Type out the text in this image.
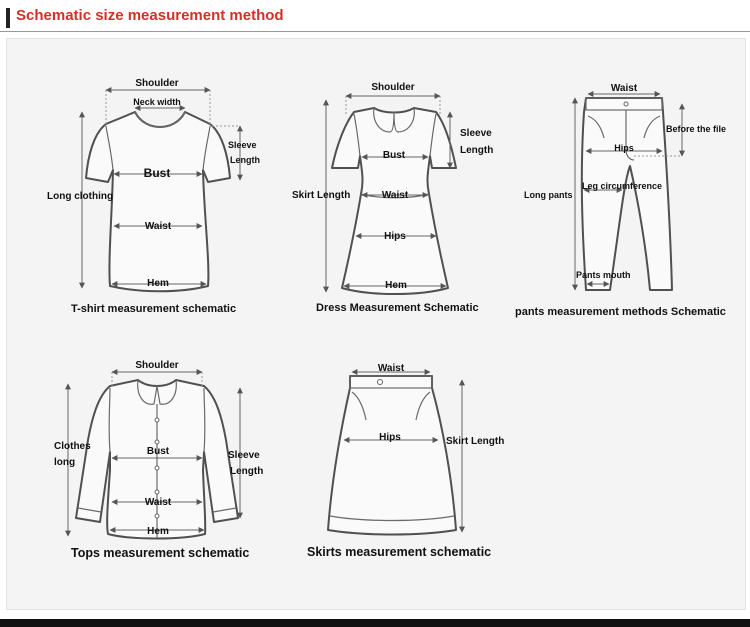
Schematic size measurement method
Shoulder
Neck width
Sleeve
Length
Bust
Waist
Hem
Long clothing
T-shirt measurement schematic
Shoulder
Sleeve
Length
Bust
Waist
Hips
Hem
Skirt Length
Dress Measurement Schematic
Waist
Before the file
Hips
Leg circumference
Long pants
Pants mouth
pants measurement methods Schematic
Shoulder
Clothes
long
Bust	Sleeve
Length
Waist
Hem
Tops measurement schematic
Waist
Hips	Skirt Length
Skirts measurement schematic
